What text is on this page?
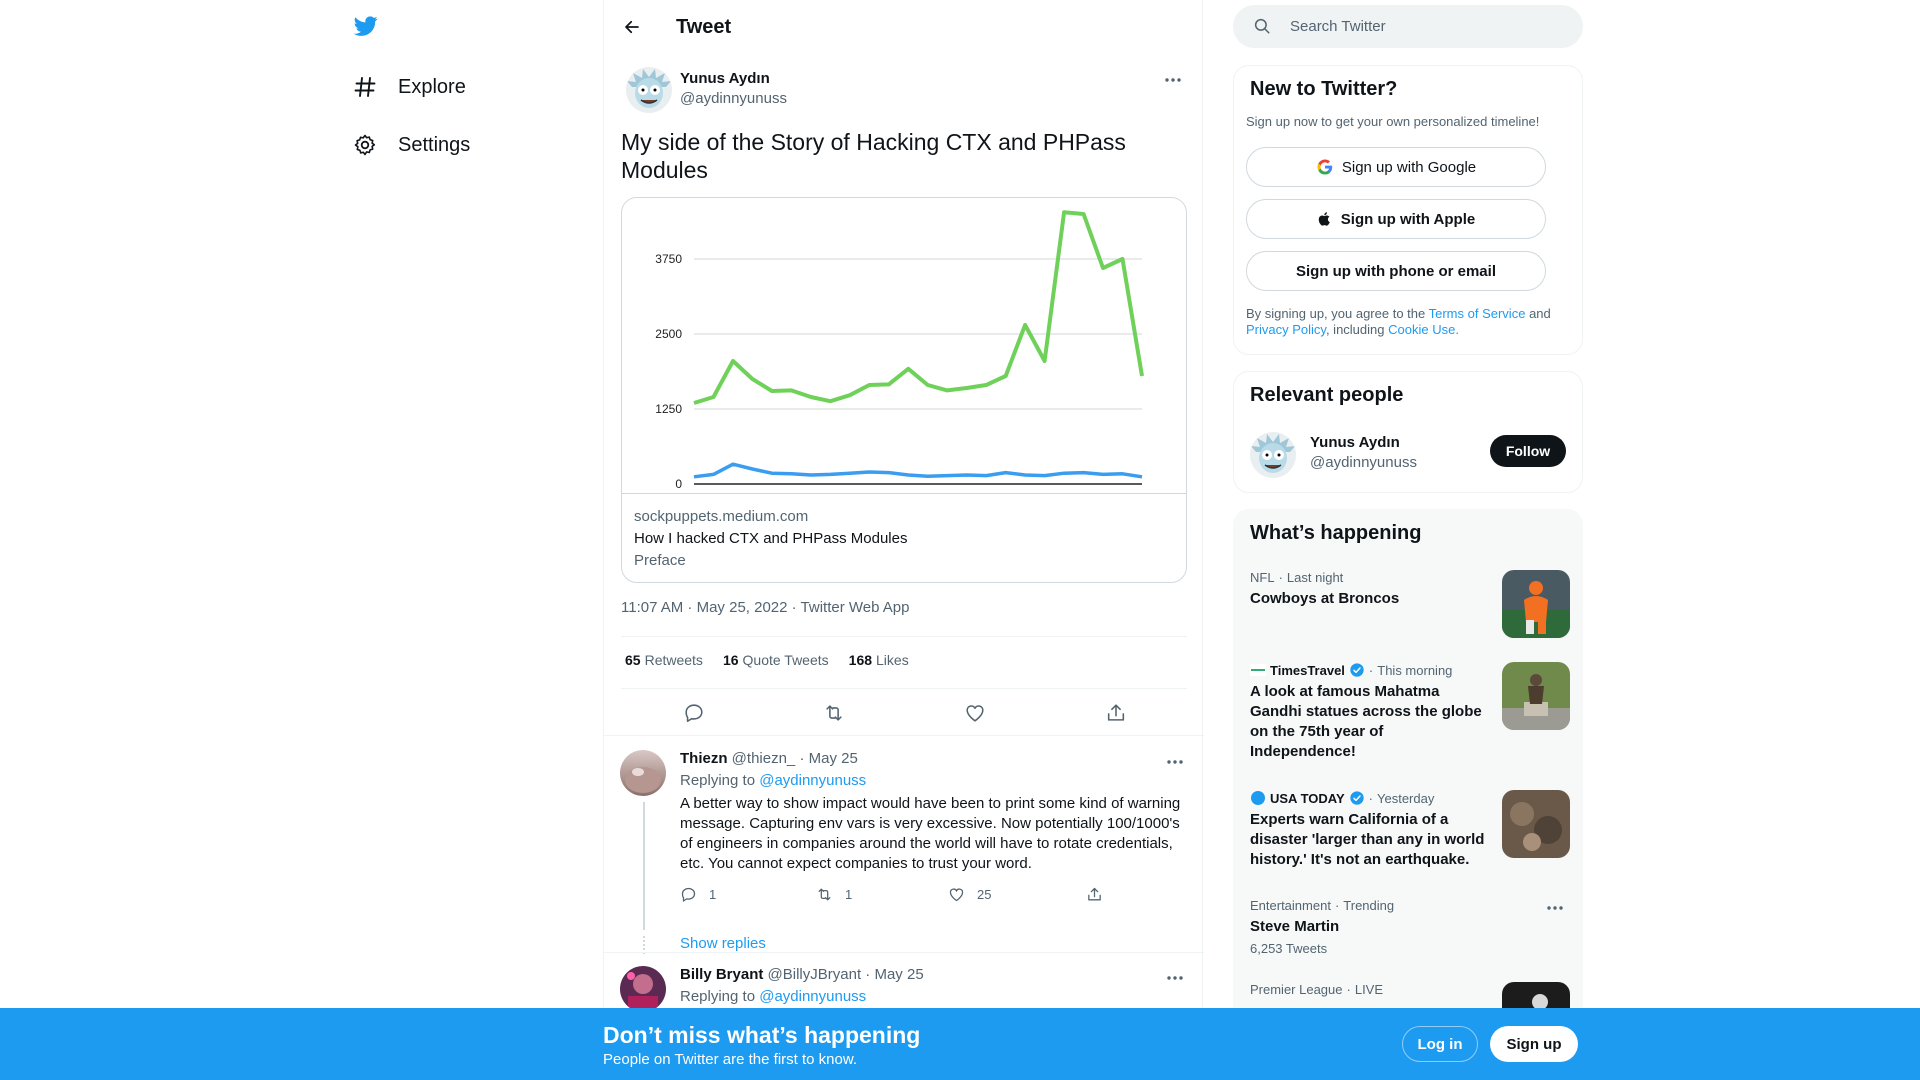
Explore
Settings
Tweet
Yunus Aydın
@aydinnyunuss
My side of the Story of Hacking CTX and PHPass Modules
3750
2500
1250
0
sockpuppets.medium.com
How I hacked CTX and PHPass Modules
Preface
11:07 AM · May 25, 2022 · Twitter Web App
65 Retweets 16 Quote Tweets 168 Likes
Thiezn @thiezn_ · May 25
Replying to @aydinnyunuss
A better way to show impact would have been to print some kind of warning message. Capturing env vars is very excessive. Now potentially 100/1000's of engineers in companies around the world will have to rotate credentials, etc. You cannot expect companies to trust your word.
1	1	25
Show replies
Billy Bryant @BillyJBryant · May 25
Replying to @aydinnyunuss
Search Twitter
New to Twitter?
Sign up now to get your own personalized timeline!
Sign up with Google
Sign up with Apple
Sign up with phone or email
By signing up, you agree to the Terms of Service and
Privacy Policy, including Cookie Use.
Relevant people
Yunus Aydın
@aydinnyunuss
Follow
What’s happening
NFL · Last night
Cowboys at Broncos
TimesTravel · This morning
A look at famous Mahatma Gandhi statues across the globe on the 75th year of Independence!
USA TODAY · Yesterday
Experts warn California of a disaster 'larger than any in world history.' It's not an earthquake.
Entertainment · Trending
Steve Martin
6,253 Tweets
Premier League · LIVE
Don’t miss what’s happening
People on Twitter are the first to know.
Log in	Sign up
